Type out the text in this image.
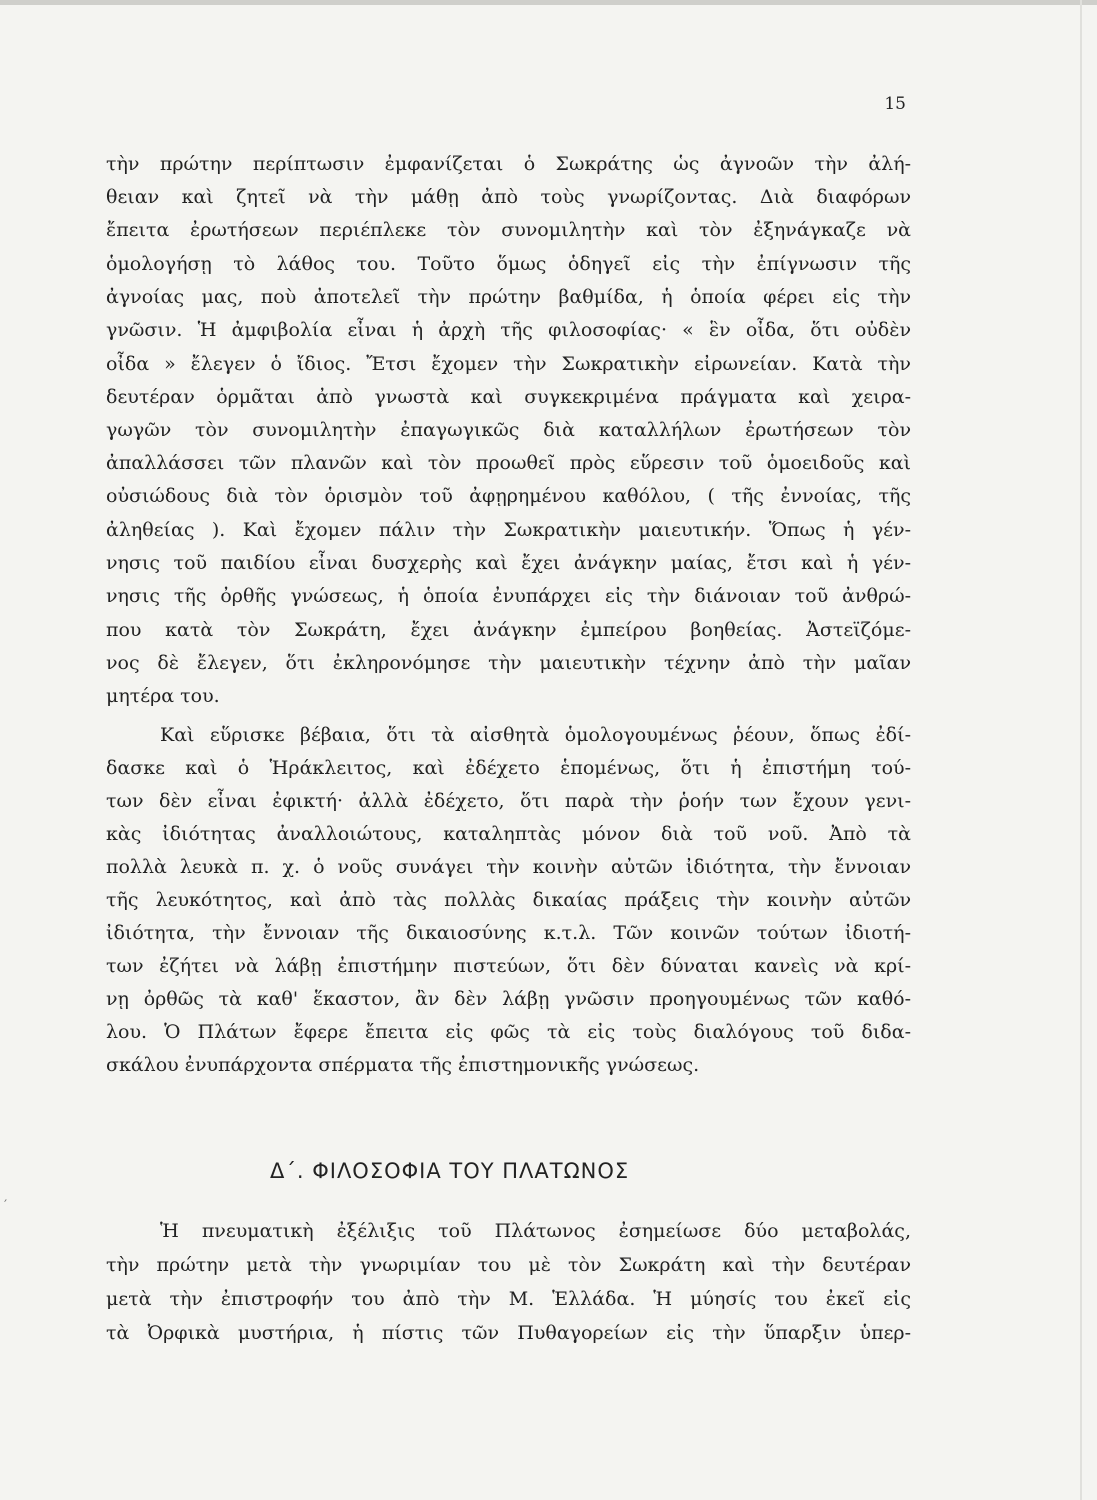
15
τὴν πρώτην περίπτωσιν ἐμφανίζεται ὁ Σωκράτης ὡς ἀγνοῶν τὴν ἀλή-
θειαν καὶ ζητεῖ νὰ τὴν μάθῃ ἀπὸ τοὺς γνωρίζοντας. Διὰ διαφόρων
ἔπειτα ἐρωτήσεων περιέπλεκε τὸν συνομιλητὴν καὶ τὸν ἐξηνάγκαζε νὰ
ὁμολογήσῃ τὸ λάθος του. Τοῦτο ὅμως ὁδηγεῖ εἰς τὴν ἐπίγνωσιν τῆς
ἀγνοίας μας, ποὺ ἀποτελεῖ τὴν πρώτην βαθμίδα, ἡ ὁποία φέρει εἰς τὴν
γνῶσιν. Ἡ ἀμφιβολία εἶναι ἡ ἀρχὴ τῆς φιλοσοφίας· « ἓν οἶδα, ὅτι οὐδὲν
οἶδα » ἔλεγεν ὁ ἴδιος. Ἔτσι ἔχομεν τὴν Σωκρατικὴν εἰρωνείαν. Κατὰ τὴν
δευτέραν ὁρμᾶται ἀπὸ γνωστὰ καὶ συγκεκριμένα πράγματα καὶ χειρα-
γωγῶν τὸν συνομιλητὴν ἐπαγωγικῶς διὰ καταλλήλων ἐρωτήσεων τὸν
ἀπαλλάσσει τῶν πλανῶν καὶ τὸν προωθεῖ πρὸς εὕρεσιν τοῦ ὁμοειδοῦς καὶ
οὐσιώδους διὰ τὸν ὁρισμὸν τοῦ ἀφῃρημένου καθόλου, ( τῆς ἐννοίας, τῆς
ἀληθείας ). Καὶ ἔχομεν πάλιν τὴν Σωκρατικὴν μαιευτικήν. Ὅπως ἡ γέν-
νησις τοῦ παιδίου εἶναι δυσχερὴς καὶ ἔχει ἀνάγκην μαίας, ἔτσι καὶ ἡ γέν-
νησις τῆς ὀρθῆς γνώσεως, ἡ ὁποία ἐνυπάρχει εἰς τὴν διάνοιαν τοῦ ἀνθρώ-
που κατὰ τὸν Σωκράτη, ἔχει ἀνάγκην ἐμπείρου βοηθείας. Ἀστεϊζόμε-
νος δὲ ἔλεγεν, ὅτι ἐκληρονόμησε τὴν μαιευτικὴν τέχνην ἀπὸ τὴν μαῖαν
μητέρα του.
Καὶ εὕρισκε βέβαια, ὅτι τὰ αἰσθητὰ ὁμολογουμένως ῥέουν, ὅπως ἐδί-
δασκε καὶ ὁ Ἡράκλειτος, καὶ ἐδέχετο ἑπομένως, ὅτι ἡ ἐπιστήμη τού-
των δὲν εἶναι ἐφικτή· ἀλλὰ ἐδέχετο, ὅτι παρὰ τὴν ῥοήν των ἔχουν γενι-
κὰς ἰδιότητας ἀναλλοιώτους, καταληπτὰς μόνον διὰ τοῦ νοῦ. Ἀπὸ τὰ
πολλὰ λευκὰ π. χ. ὁ νοῦς συνάγει τὴν κοινὴν αὐτῶν ἰδιότητα, τὴν ἔννοιαν
τῆς λευκότητος, καὶ ἀπὸ τὰς πολλὰς δικαίας πράξεις τὴν κοινὴν αὐτῶν
ἰδιότητα, τὴν ἔννοιαν τῆς δικαιοσύνης κ.τ.λ. Τῶν κοινῶν τούτων ἰδιοτή-
των ἐζήτει νὰ λάβῃ ἐπιστήμην πιστεύων, ὅτι δὲν δύναται κανεὶς νὰ κρί-
νῃ ὀρθῶς τὰ καθ' ἕκαστον, ἂν δὲν λάβῃ γνῶσιν προηγουμένως τῶν καθό-
λου. Ὁ Πλάτων ἔφερε ἔπειτα εἰς φῶς τὰ εἰς τοὺς διαλόγους τοῦ διδα-
σκάλου ἐνυπάρχοντα σπέρματα τῆς ἐπιστημονικῆς γνώσεως.
Δ΄. ΦΙΛΟΣΟΦΙΑ ΤΟΥ ΠΛΑΤΩΝΟΣ
′
Ἡ πνευματικὴ ἐξέλιξις τοῦ Πλάτωνος ἐσημείωσε δύο μεταβολάς,
τὴν πρώτην μετὰ τὴν γνωριμίαν του μὲ τὸν Σωκράτη καὶ τὴν δευτέραν
μετὰ τὴν ἐπιστροφήν του ἀπὸ τὴν Μ. Ἑλλάδα. Ἡ μύησίς του ἐκεῖ εἰς
τὰ Ὀρφικὰ μυστήρια, ἡ πίστις τῶν Πυθαγορείων εἰς τὴν ὕπαρξιν ὑπερ-
